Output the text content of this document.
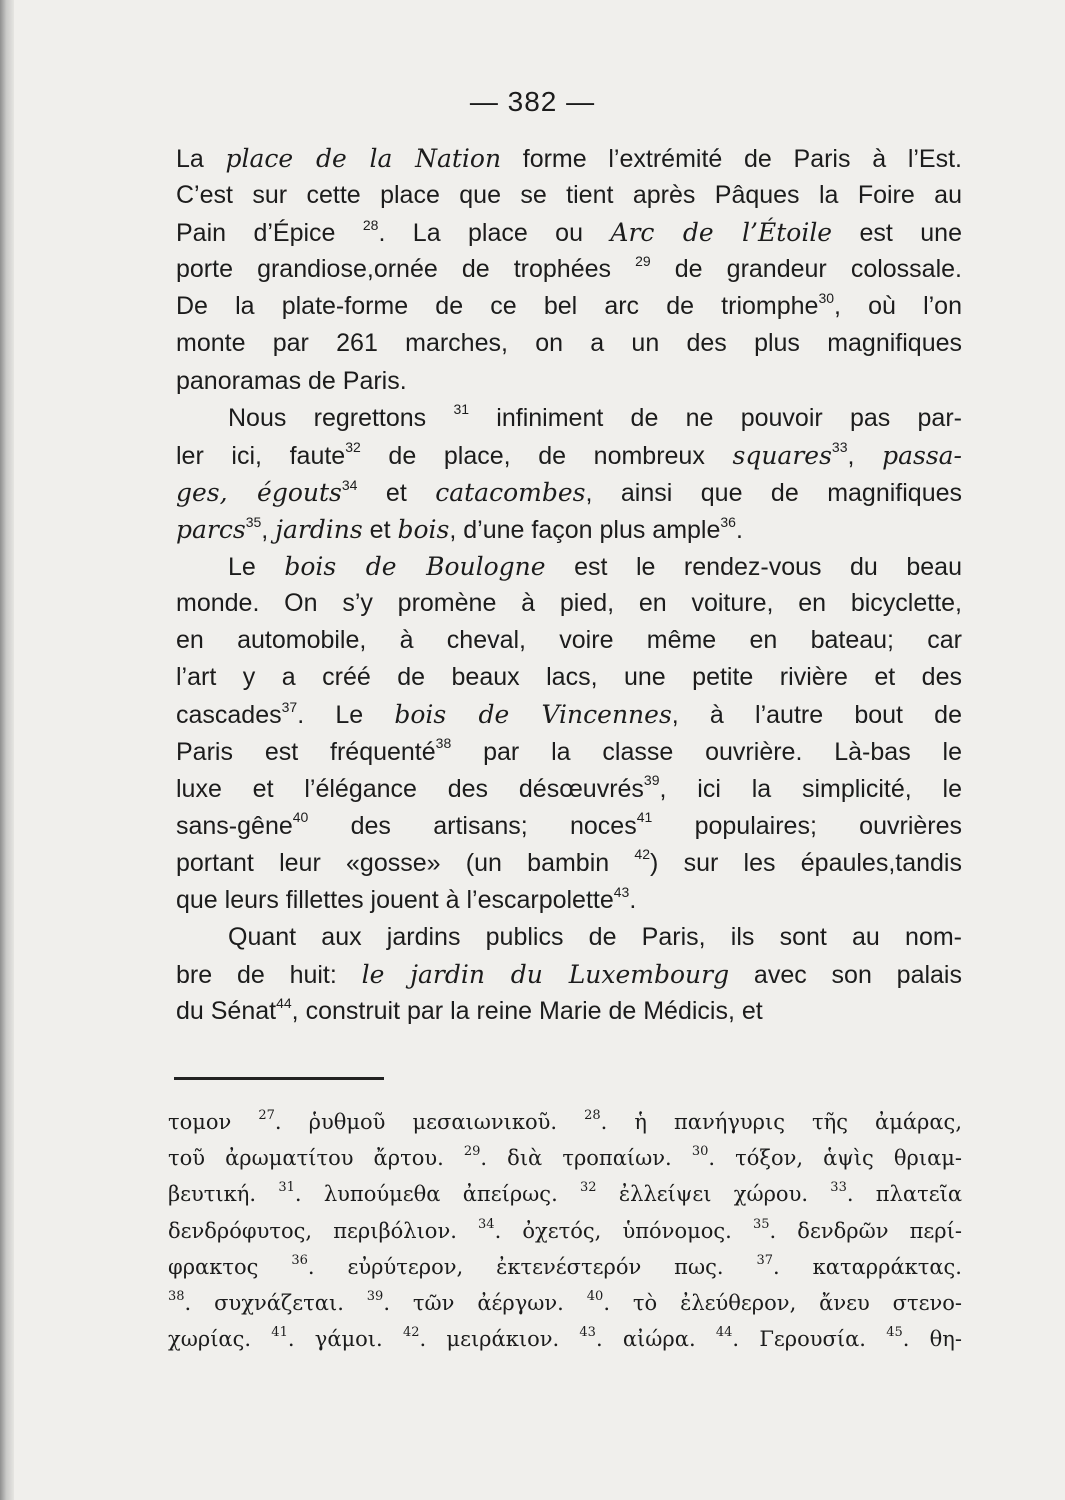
— 382 —
La place de la Nation forme l’extrémité de Paris à l’Est.
C’est sur cette place que se tient après Pâques la Foire au
Pain d’Épice $^{28}$. La place ou Arc de l’Étoile est une
porte grandiose,ornée de trophées $^{29}$ de grandeur colossale.
De la plate-forme de ce bel arc de triomphe$^{30}$, où l’on
monte par 261 marches, on a un des plus magnifiques
panoramas de Paris.
Nous regrettons $^{31}$ infiniment de ne pouvoir pas par-
ler ici, faute$^{32}$ de place, de nombreux squares$^{33}$, passa-
ges, égouts$^{34}$ et catacombes, ainsi que de magnifiques
parcs$^{35}$, jardins et bois, d’une façon plus ample$^{36}$.
Le bois de Boulogne est le rendez-vous du beau
monde. On s’y promène à pied, en voiture, en bicyclette,
en automobile, à cheval, voire même en bateau; car
l’art y a créé de beaux lacs, une petite rivière et des
cascades$^{37}$. Le bois de Vincennes, à l’autre bout de
Paris est fréquenté$^{38}$ par la classe ouvrière. Là-bas le
luxe et l’élégance des désœuvrés$^{39}$, ici la simplicité, le
sans-gêne$^{40}$ des artisans; noces$^{41}$ populaires; ouvrières
portant leur «gosse» (un bambin $^{42}$) sur les épaules,tandis
que leurs fillettes jouent à l’escarpolette$^{43}$.
Quant aux jardins publics de Paris, ils sont au nom-
bre de huit: le jardin du Luxembourg avec son palais
du Sénat$^{44}$, construit par la reine Marie de Médicis, et
τομον $^{27}$. ῥυθμοῦ μεσαιωνικοῦ. $^{28}$. ἡ πανήγυρις τῆς ἀμάρας,
τοῦ ἀρωματίτου ἄρτου. $^{29}$. διὰ τροπαίων. $^{30}$. τόξον, ἁψὶς θριαμ-
βευτική. $^{31}$. λυπούμεθα ἀπείρως. $^{32}$ ἐλλείψει χώρου. $^{33}$. πλατεῖα
δενδρόφυτος, περιβόλιον. $^{34}$. ὀχετός, ὑπόνομος. $^{35}$. δενδρῶν περί-
φρακτος $^{36}$. εὐρύτερον, ἐκτενέστερόν πως. $^{37}$. καταρράκτας.
$^{38}$. συχνάζεται. $^{39}$. τῶν ἀέργων. $^{40}$. τὸ ἐλεύθερον, ἄνευ στενο-
χωρίας. $^{41}$. γάμοι. $^{42}$. μειράκιον. $^{43}$. αἰώρα. $^{44}$. Γερουσία. $^{45}$. θη-
